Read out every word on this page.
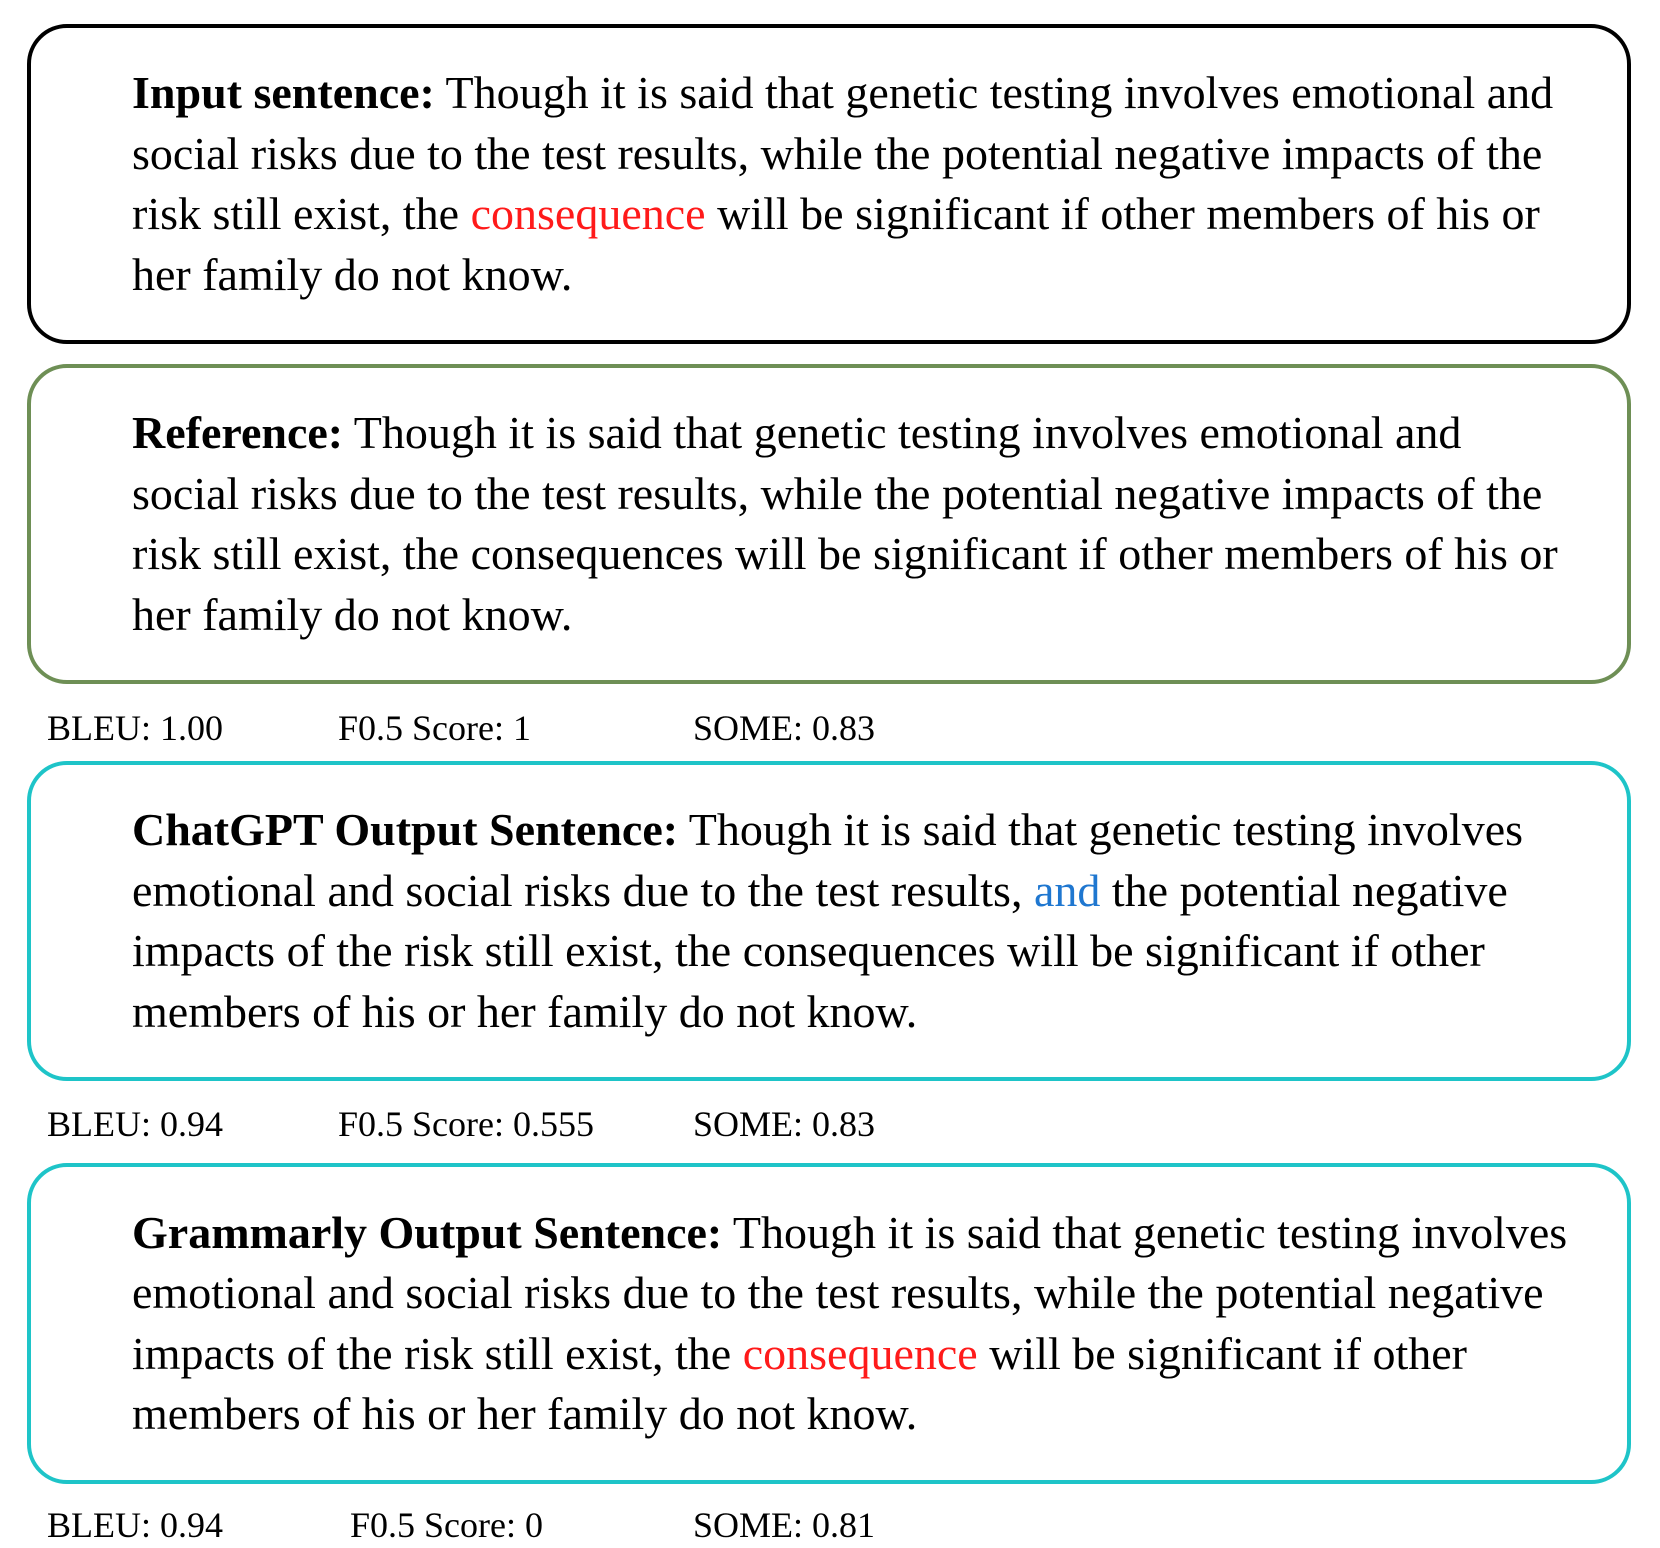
Input sentence: Though it is said that genetic testing involves emotional and social risks due to the test results, while the potential negative impacts of the risk still exist, the consequence will be significant if other members of his or her family do not know.

Reference: Though it is said that genetic testing involves emotional and social risks due to the test results, while the potential negative impacts of the risk still exist, the consequences will be significant if other members of his or her family do not know.

BLEU: 1.00	F0.5 Score: 1	SOME: 0.83

ChatGPT Output Sentence: Though it is said that genetic testing involves emotional and social risks due to the test results, and the potential negative impacts of the risk still exist, the consequences will be significant if other members of his or her family do not know.

BLEU: 0.94	F0.5 Score: 0.555	SOME: 0.83

Grammarly Output Sentence: Though it is said that genetic testing involves emotional and social risks due to the test results, while the potential negative impacts of the risk still exist, the consequence will be significant if other members of his or her family do not know.

BLEU: 0.94	F0.5 Score: 0	SOME: 0.81
